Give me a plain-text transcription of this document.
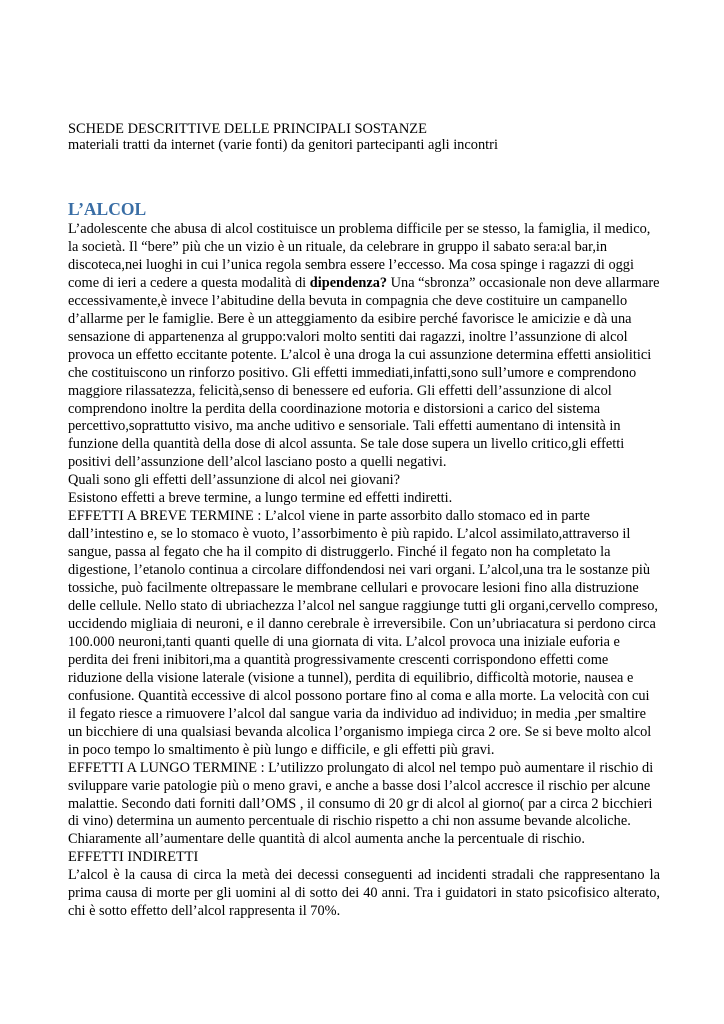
SCHEDE DESCRITTIVE DELLE PRINCIPALI SOSTANZE
materiali tratti da internet (varie fonti) da genitori partecipanti agli incontri
L’ALCOL

L’adolescente che abusa di alcol costituisce un problema difficile per se stesso, la famiglia, il medico, la società. Il “bere” più che un vizio è un rituale, da celebrare in gruppo il sabato sera:al bar,in discoteca,nei luoghi in cui l’unica regola sembra essere l’eccesso. Ma cosa spinge i ragazzi di oggi come di ieri a cedere a questa modalità di dipendenza? Una “sbronza” occasionale non deve allarmare eccessivamente,è invece l’abitudine della bevuta in compagnia che deve costituire un campanello d’allarme per le famiglie. Bere è un atteggiamento da esibire perché favorisce le amicizie e dà una sensazione di appartenenza al gruppo:valori molto sentiti dai ragazzi, inoltre l’assunzione di alcol provoca un effetto eccitante potente. L’alcol è una droga la cui assunzione determina effetti ansiolitici che costituiscono un rinforzo positivo. Gli effetti immediati,infatti,sono sull’umore e comprendono maggiore rilassatezza, felicità,senso di benessere ed euforia. Gli effetti dell’assunzione di alcol comprendono inoltre la perdita della coordinazione motoria e distorsioni a carico del sistema percettivo,soprattutto visivo, ma anche uditivo e sensoriale. Tali effetti aumentano di intensità in funzione della quantità della dose di alcol assunta. Se tale dose supera un livello critico,gli effetti positivi dell’assunzione dell’alcol lasciano posto a quelli negativi.

Quali sono gli effetti dell’assunzione di alcol nei giovani?

Esistono effetti a breve termine, a lungo termine ed effetti indiretti.

EFFETTI A BREVE TERMINE : L’alcol viene in parte assorbito dallo stomaco ed in parte dall’intestino e, se lo stomaco è vuoto, l’assorbimento è più rapido. L’alcol assimilato,attraverso il sangue, passa al fegato che ha il compito di distruggerlo. Finché il fegato non ha completato la digestione, l’etanolo continua a circolare diffondendosi nei vari organi. L’alcol,una tra le sostanze più tossiche, può facilmente oltrepassare le membrane cellulari e provocare lesioni fino alla distruzione delle cellule. Nello stato di ubriachezza l’alcol nel sangue raggiunge tutti gli organi,cervello compreso, uccidendo migliaia di neuroni, e il danno cerebrale è irreversibile. Con un’ubriacatura si perdono circa 100.000 neuroni,tanti quanti quelle di una giornata di vita. L’alcol provoca una iniziale euforia e perdita dei freni inibitori,ma a quantità progressivamente crescenti corrispondono effetti come riduzione della visione laterale (visione a tunnel), perdita di equilibrio, difficoltà motorie, nausea e confusione. Quantità eccessive di alcol possono portare fino al coma e alla morte. La velocità con cui il fegato riesce a rimuovere l’alcol dal sangue varia da individuo ad individuo; in media ,per smaltire un bicchiere di una qualsiasi bevanda alcolica l’organismo impiega circa 2 ore. Se si beve molto alcol in poco tempo lo smaltimento è più lungo e difficile, e gli effetti più gravi.

EFFETTI A LUNGO TERMINE : L’utilizzo prolungato di alcol nel tempo può aumentare il rischio di sviluppare varie patologie più o meno gravi, e anche a basse dosi l’alcol accresce il rischio per alcune malattie. Secondo dati forniti dall’OMS , il consumo di 20 gr di alcol al giorno( par a circa 2 bicchieri di vino) determina un aumento percentuale di rischio rispetto a chi non assume bevande alcoliche. Chiaramente all’aumentare delle quantità di alcol aumenta anche la percentuale di rischio.

EFFETTI INDIRETTI

L’alcol è la causa di circa la metà dei decessi conseguenti ad incidenti stradali che rappresentano la prima causa di morte per gli uomini al di sotto dei 40 anni. Tra i guidatori in stato psicofisico alterato, chi è sotto effetto dell’alcol rappresenta il 70%.
